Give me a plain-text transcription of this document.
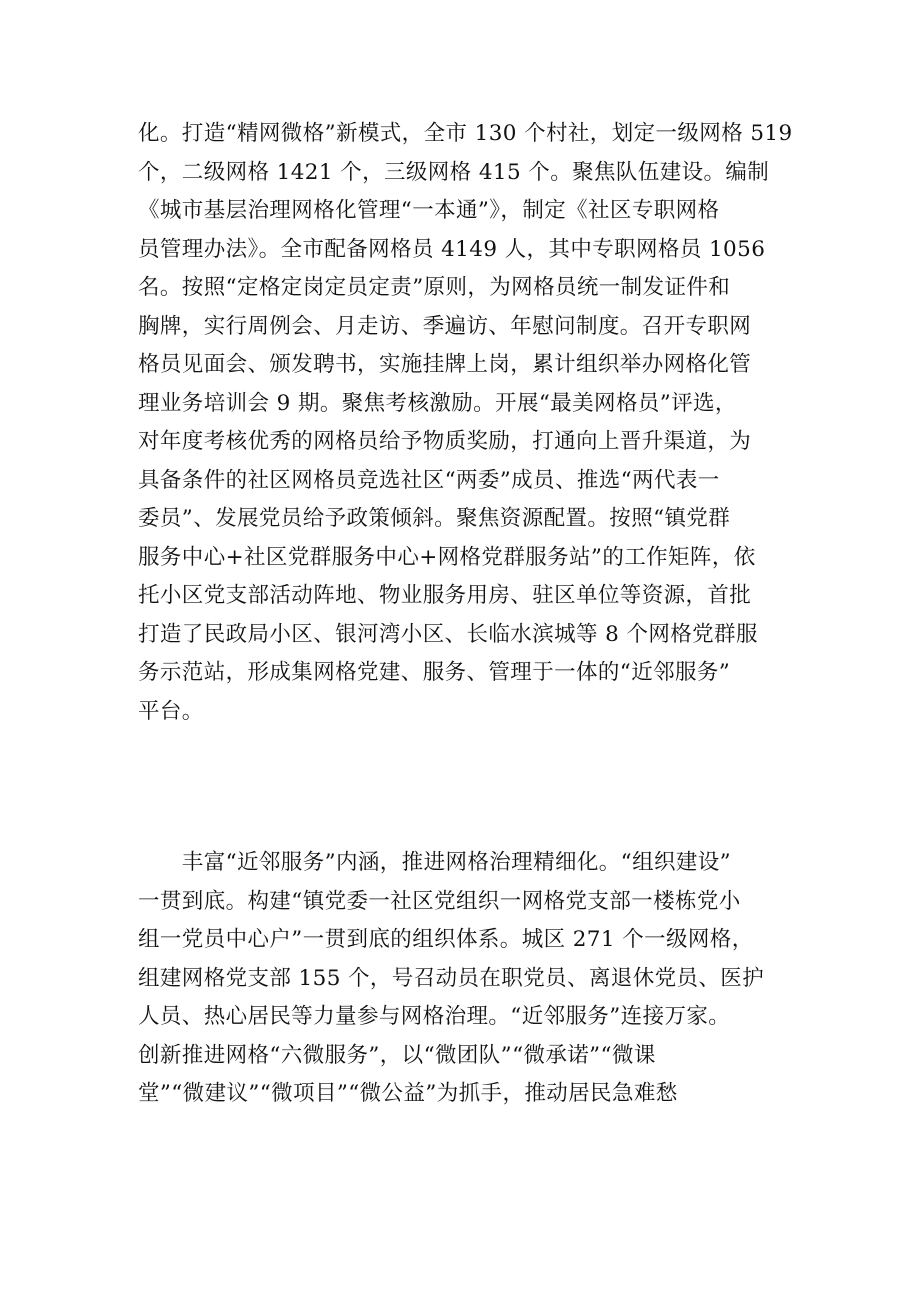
化。打造“精网微格”新模式，全市 130 个村社，划定一级网格 519
个，二级网格 1421 个，三级网格 415 个。聚焦队伍建设。编制
《城市基层治理网格化管理“一本通”》，制定《社区专职网格
员管理办法》。全市配备网格员 4149 人，其中专职网格员 1056
名。按照“定格定岗定员定责”原则，为网格员统一制发证件和
胸牌，实行周例会、月走访、季遍访、年慰问制度。召开专职网
格员见面会、颁发聘书，实施挂牌上岗，累计组织举办网格化管
理业务培训会 9 期。聚焦考核激励。开展“最美网格员”评选，
对年度考核优秀的网格员给予物质奖励，打通向上晋升渠道，为
具备条件的社区网格员竞选社区“两委”成员、推选“两代表一
委员”、发展党员给予政策倾斜。聚焦资源配置。按照“镇党群
服务中心+社区党群服务中心+网格党群服务站”的工作矩阵，依
托小区党支部活动阵地、物业服务用房、驻区单位等资源，首批
打造了民政局小区、银河湾小区、长临水滨城等 8 个网格党群服
务示范站，形成集网格党建、服务、管理于一体的“近邻服务”
平台。
　　丰富“近邻服务”内涵，推进网格治理精细化。“组织建设”
一贯到底。构建“镇党委一社区党组织一网格党支部一楼栋党小
组一党员中心户”一贯到底的组织体系。城区 271 个一级网格，
组建网格党支部 155 个，号召动员在职党员、离退休党员、医护
人员、热心居民等力量参与网格治理。“近邻服务”连接万家。
创新推进网格“六微服务”，以“微团队”“微承诺”“微课
堂”“微建议”“微项目”“微公益”为抓手，推动居民急难愁
